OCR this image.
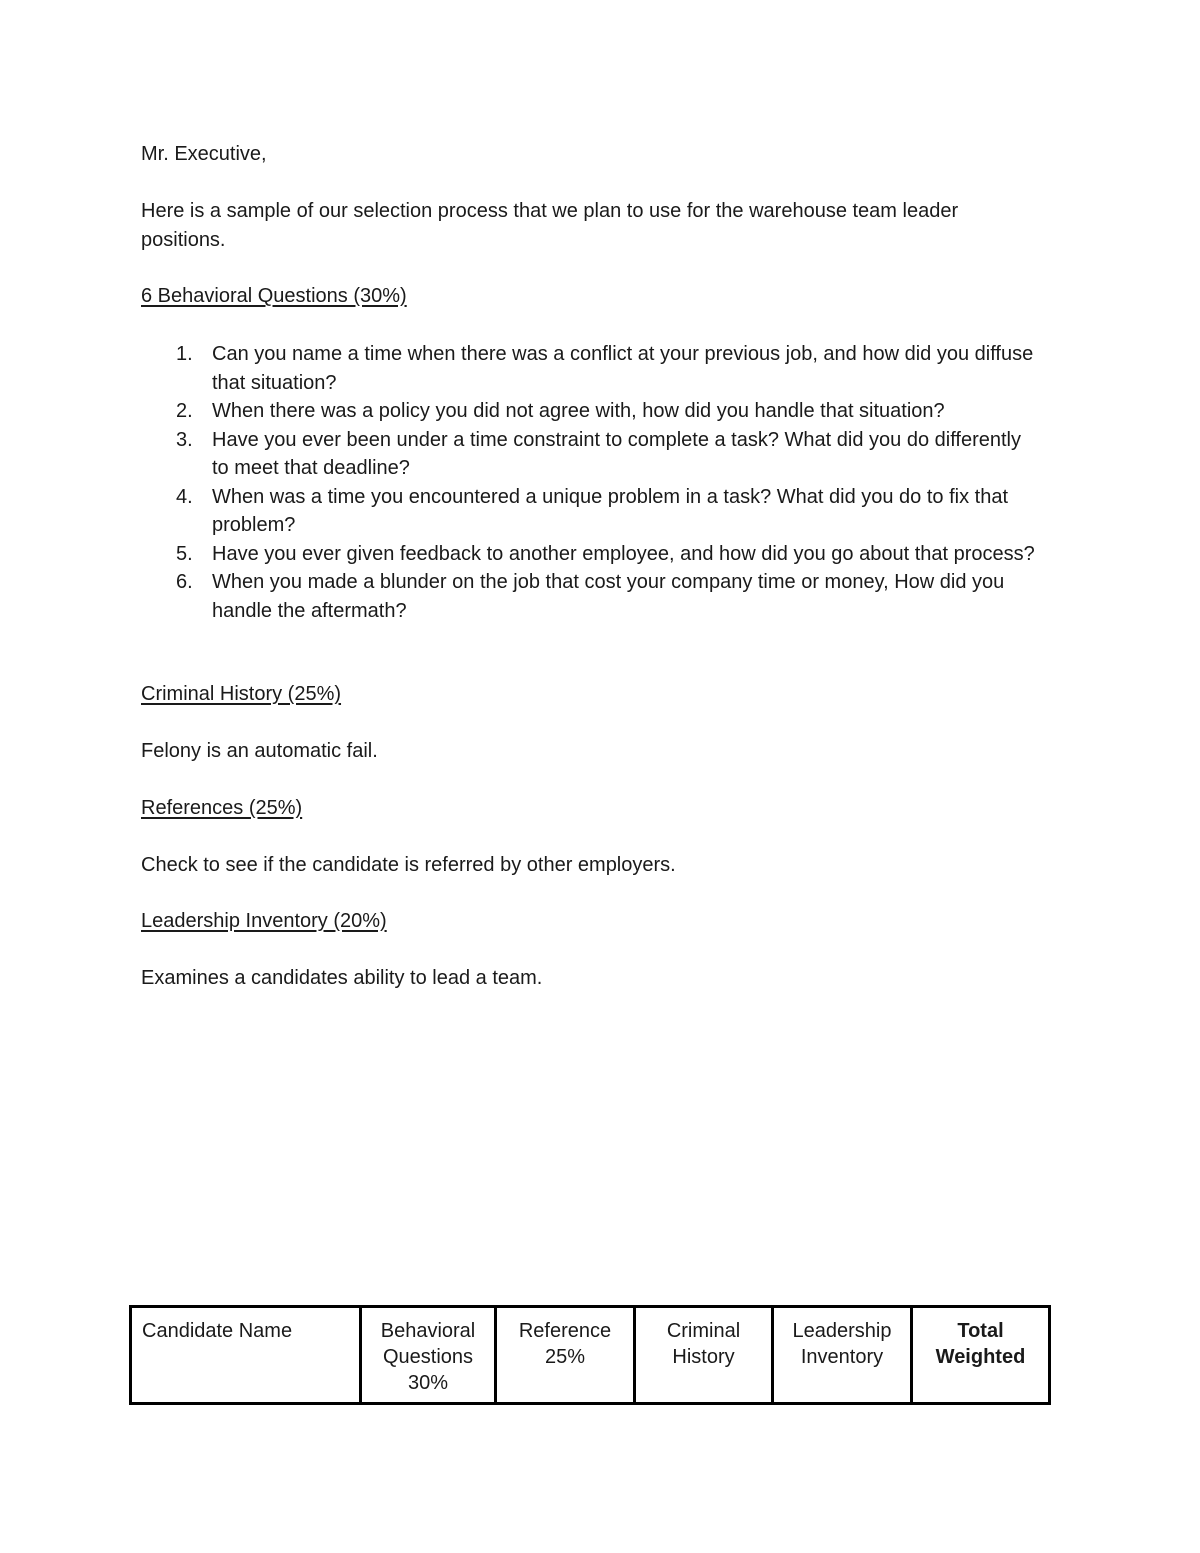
Mr. Executive,
Here is a sample of our selection process that we plan to use for the warehouse team leader positions.
6 Behavioral Questions (30%)
1. Can you name a time when there was a conflict at your previous job, and how did you diffuse that situation?
2. When there was a policy you did not agree with, how did you handle that situation?
3. Have you ever been under a time constraint to complete a task? What did you do differently to meet that deadline?
4. When was a time you encountered a unique problem in a task? What did you do to fix that problem?
5. Have you ever given feedback to another employee, and how did you go about that process?
6. When you made a blunder on the job that cost your company time or money, How did you handle the aftermath?
Criminal History (25%)
Felony is an automatic fail.
References (25%)
Check to see if the candidate is referred by other employers.
Leadership Inventory (20%)
Examines a candidates ability to lead a team.
Candidate Name	Behavioral Questions 30%	Reference 25%	Criminal History	Leadership Inventory	Total Weighted
